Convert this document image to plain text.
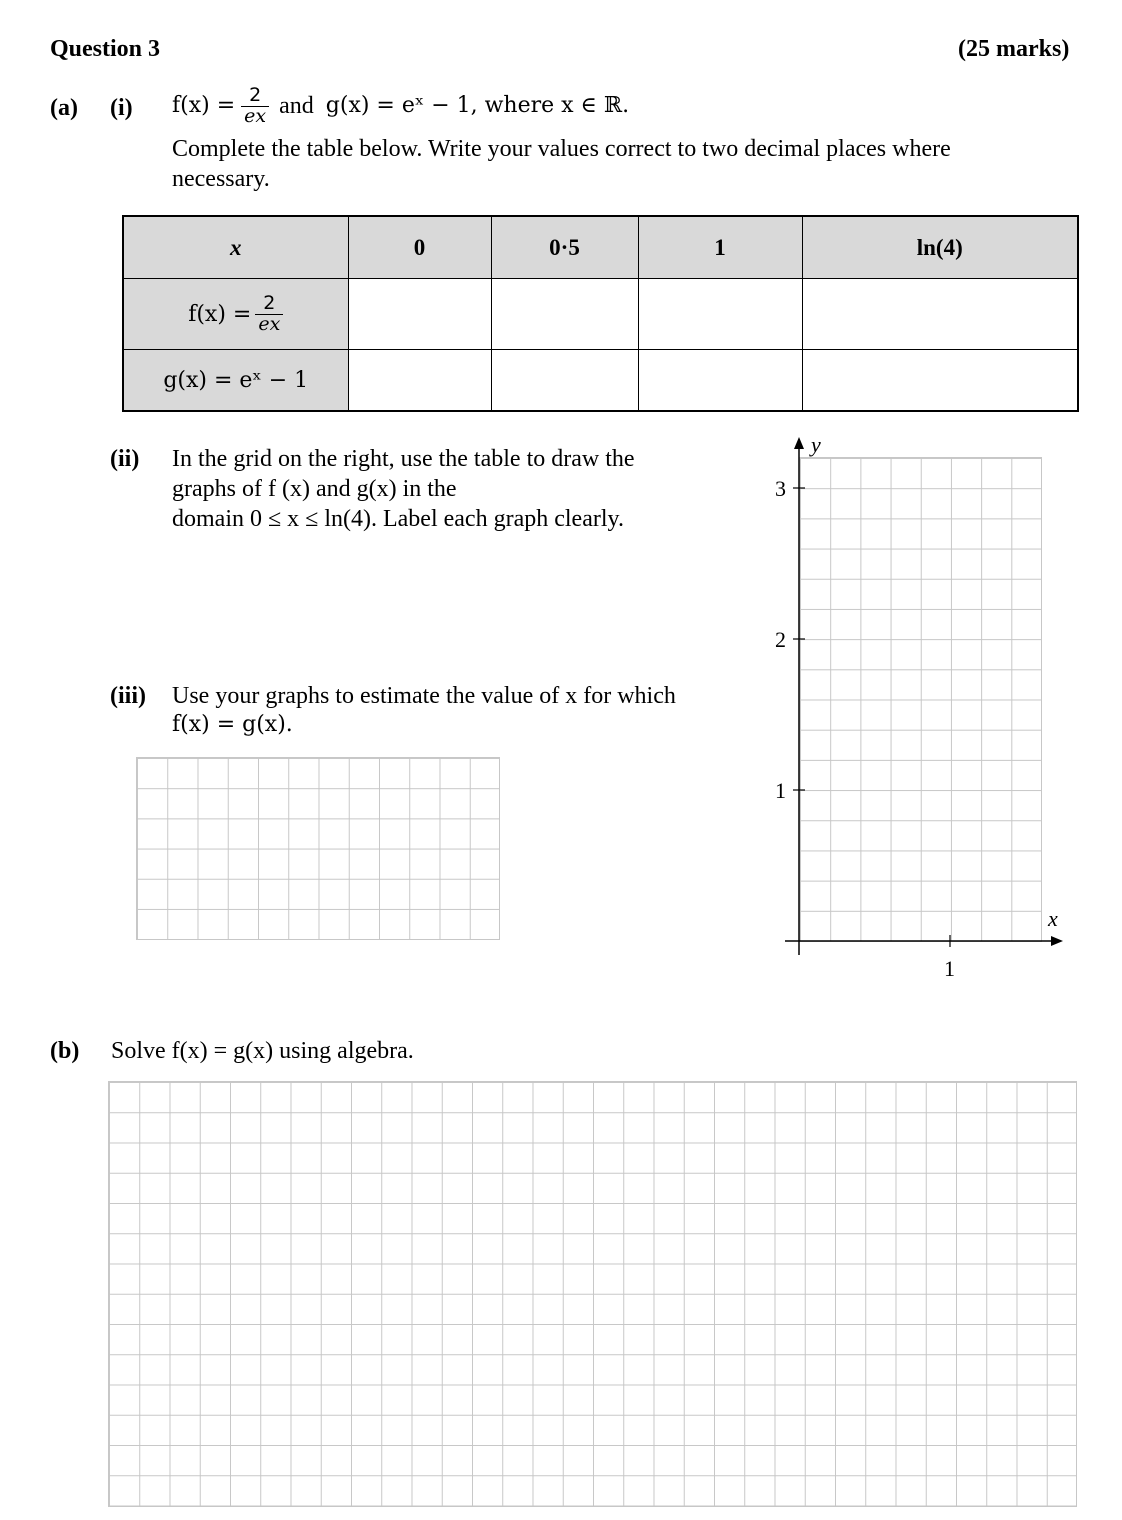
Question 3	(25 marks)
(a) (i) $f(x) = \frac{2}{ex}$ and g(x) = eˣ − 1, where x ∈ ℝ.
Complete the table below. Write your values correct to two decimal places where
necessary.
x	0	0·5	1	ln(4)

$f(x) = \frac{2}{ex}$

g(x) = eˣ − 1				
(ii) In the grid on the right, use the table to draw the
graphs of f (x) and g(x) in the
domain 0 ≤ x ≤ ln(4). Label each graph clearly.
(iii) Use your graphs to estimate the value of x for which
f(x) = g(x).
y
x
3
2
1
1
(b) Solve f(x) = g(x) using algebra.
